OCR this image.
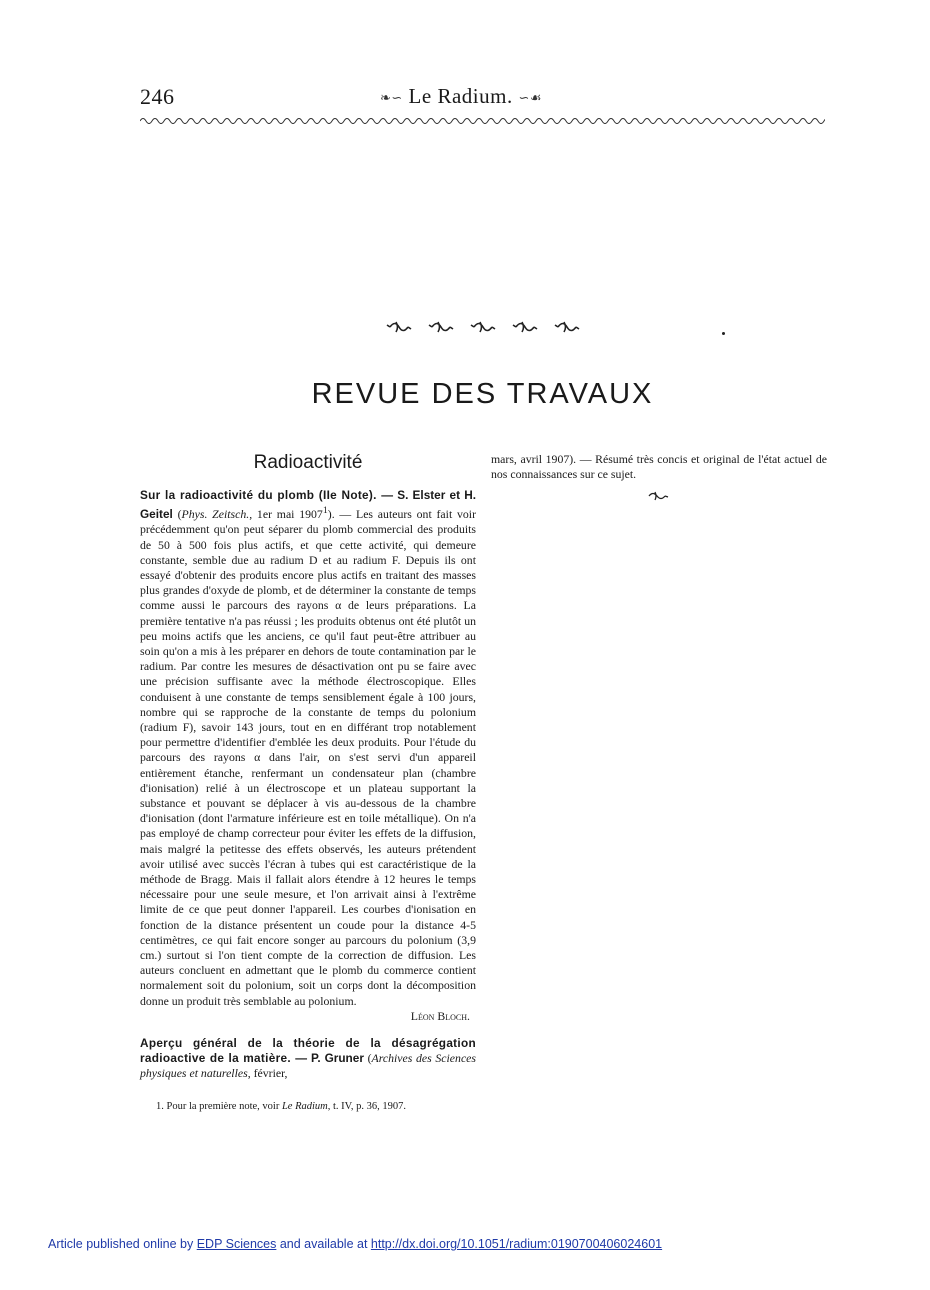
246	❧∽ Le Radium. ∽☙
REVUE DES TRAVAUX
Radioactivité

Sur la radioactivité du plomb (IIe Note). — S. Elster et H. Geitel (Phys. Zeitsch., 1er mai 1907$^1$). — Les auteurs ont fait voir précédemment qu'on peut séparer du plomb commercial des produits de 50 à 500 fois plus actifs, et que cette activité, qui demeure constante, semble due au radium D et au radium F. Depuis ils ont essayé d'obtenir des produits encore plus actifs en traitant des masses plus grandes d'oxyde de plomb, et de déterminer la constante de temps comme aussi le parcours des rayons α de leurs préparations. La première tentative n'a pas réussi ; les produits obtenus ont été plutôt un peu moins actifs que les anciens, ce qu'il faut peut-être attribuer au soin qu'on a mis à les préparer en dehors de toute contamination par le radium. Par contre les mesures de désactivation ont pu se faire avec une précision suffisante avec la méthode électroscopique. Elles conduisent à une constante de temps sensiblement égale à 100 jours, nombre qui se rapproche de la constante de temps du polonium (radium F), savoir 143 jours, tout en en différant trop notablement pour permettre d'identifier d'emblée les deux produits. Pour l'étude du parcours des rayons α dans l'air, on s'est servi d'un appareil entièrement étanche, renfermant un condensateur plan (chambre d'ionisation) relié à un électroscope et un plateau supportant la substance et pouvant se déplacer à vis au-dessous de la chambre d'ionisation (dont l'armature inférieure est en toile métallique). On n'a pas employé de champ correcteur pour éviter les effets de la diffusion, mais malgré la petitesse des effets observés, les auteurs prétendent avoir utilisé avec succès l'écran à tubes qui est caractéristique de la méthode de Bragg. Mais il fallait alors étendre à 12 heures le temps nécessaire pour une seule mesure, et l'on arrivait ainsi à l'extrême limite de ce que peut donner l'appareil. Les courbes d'ionisation en fonction de la distance présentent un coude pour la distance 4-5 centimètres, ce qui fait encore songer au parcours du polonium (3,9 cm.) surtout si l'on tient compte de la correction de diffusion. Les auteurs concluent en admettant que le plomb du commerce contient normalement soit du polonium, soit un corps dont la décomposition donne un produit très semblable au polonium.
Léon Bloch.

Aperçu général de la théorie de la désagrégation radioactive de la matière. — P. Gruner (Archives des Sciences physiques et naturelles, février,

1. Pour la première note, voir Le Radium, t. IV, p. 36, 1907.

mars, avril 1907). — Résumé très concis et original de l'état actuel de nos connaissances sur ce sujet.

Article published online by EDP Sciences and available at http://dx.doi.org/10.1051/radium:0190700406024601
